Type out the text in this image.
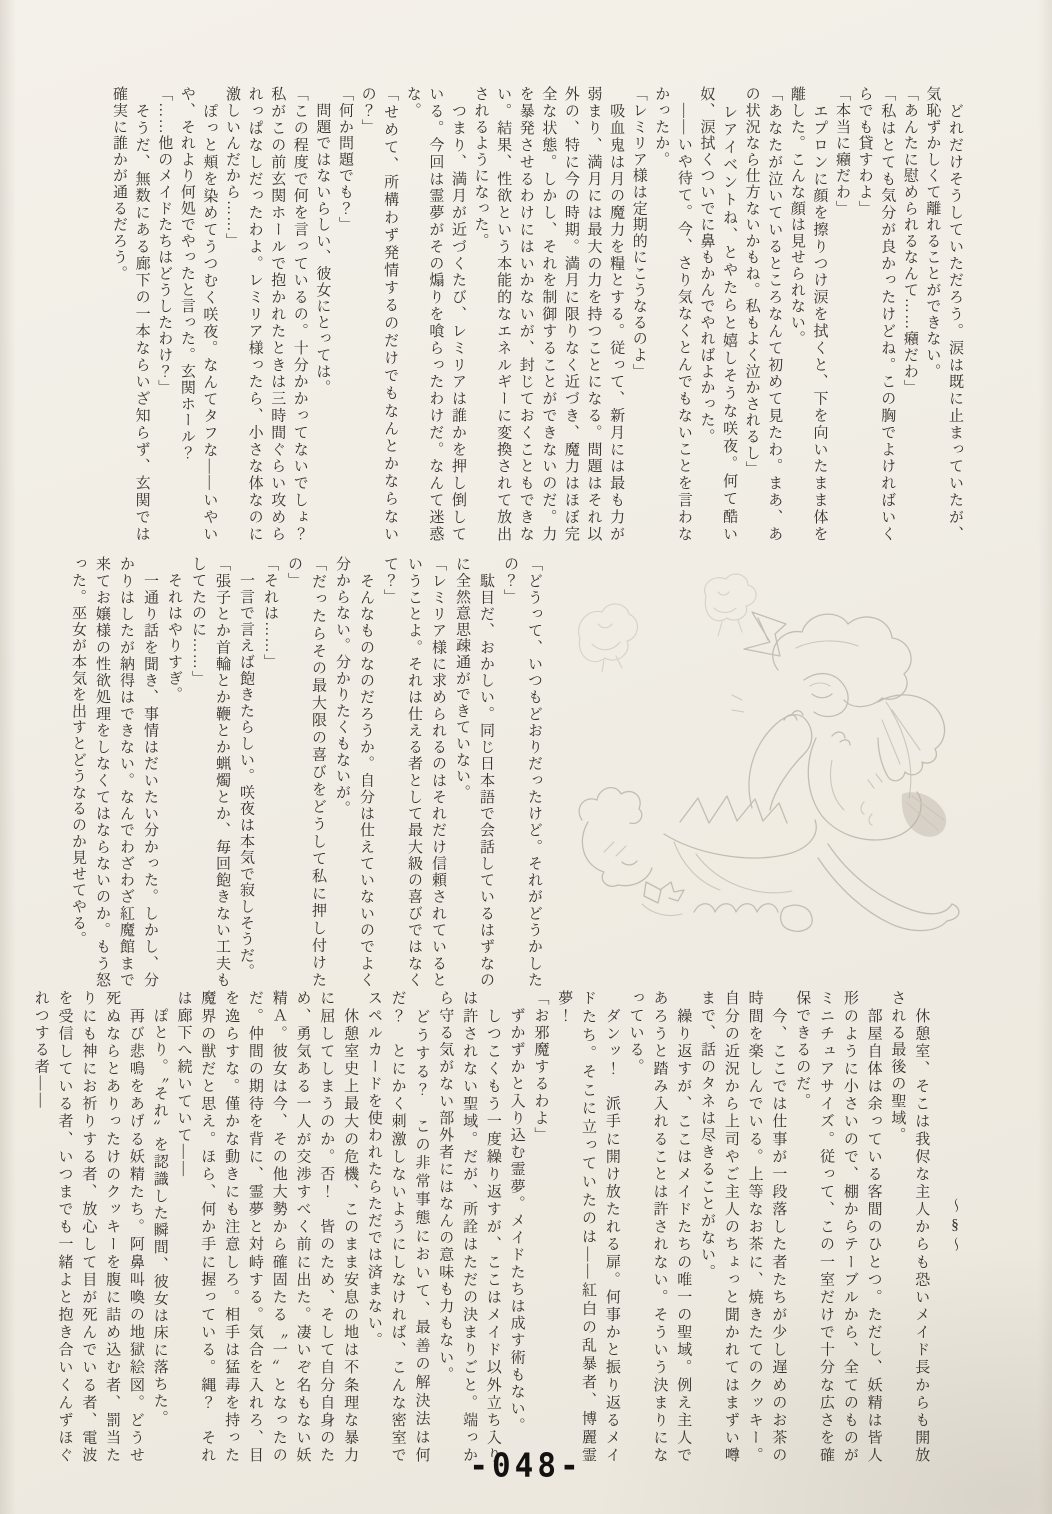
　どれだけそうしていただろう。涙は既に止まっていたが、気恥ずかしくて離れることができない。

「あんたに慰められるなんて……癪だわ」

「私はとても気分が良かったけどね。この胸でよければいくらでも貸すわよ」

「本当に癪だわ」

　エプロンに顔を擦りつけ涙を拭くと、下を向いたまま体を離した。こんな顔は見せられない。

「あなたが泣いているところなんて初めて見たわ。まあ、あの状況なら仕方ないかもね。私もよく泣かされるし」

　レアイベントね、とやたらと嬉しそうな咲夜。何て酷い奴、涙拭くついでに鼻もかんでやればよかった。

　――いや待て。今、さり気なくとんでもないことを言わなかったか。

「レミリア様は定期的にこうなるのよ」

　吸血鬼は月の魔力を糧とする。従って、新月には最も力が弱まり、満月には最大の力を持つことになる。問題はそれ以外の、特に今の時期。満月に限りなく近づき、魔力はほぼ完全な状態。しかし、それを制御することができないのだ。力を暴発させるわけにはいかないが、封じておくこともできない。結果、性欲という本能的なエネルギーに変換されて放出されるようになった。

　つまり、満月が近づくたび、レミリアは誰かを押し倒している。今回は霊夢がその煽りを喰らったわけだ。なんて迷惑な。

「せめて、所構わず発情するのだけでもなんとかならないの？」

「何か問題でも？」

　問題ではないらしい、彼女にとっては。

「この程度で何を言っているの。十分かかってないでしょ？　私がこの前玄関ホールで抱かれたときは三時間ぐらい攻められっぱなしだったわよ。レミリア様ったら、小さな体なのに激しいんだから……」

　ぽっと頬を染めてうつむく咲夜。なんてタフな――いやいや、それより何処でやったと言った。玄関ホール？

「……他のメイドたちはどうしたわけ？」

　そうだ、無数にある廊下の一本ならいざ知らず、玄関では確実に誰かが通るだろう。

「どうって、いつもどおりだったけど。それがどうかしたの？」

　駄目だ、おかしい。同じ日本語で会話しているはずなのに全然意思疎通ができていない。

「レミリア様に求められるのはそれだけ信頼されているということよ。それは仕える者として最大級の喜びではなくて？」

　そんなものなのだろうか。自分は仕えていないのでよく分からない。分かりたくもないが。

「だったらその最大限の喜びをどうして私に押し付けたの」

「それは……」

　一言で言えば飽きたらしい。咲夜は本気で寂しそうだ。

「張子とか首輪とか鞭とか蝋燭とか、毎回飽きない工夫もしてたのに……」

　それはやりすぎ。

　一通り話を聞き、事情はだいたい分かった。しかし、分かりはしたが納得はできない。なんでわざわざ紅魔館まで来てお嬢様の性欲処理をしなくてはならないのか。もう怒った。巫女が本気を出すとどうなるのか見せてやる。

〜§〜

　休憩室、そこは我侭な主人からも恐いメイド長からも開放される最後の聖域。

　部屋自体は余っている客間のひとつ。ただし、妖精は皆人形のように小さいので、棚からテーブルから、全てのものがミニチュアサイズ。従って、この一室だけで十分な広さを確保できるのだ。

　今、ここでは仕事が一段落した者たちが少し遅めのお茶の時間を楽しんでいる。上等なお茶に、焼きたてのクッキー。自分の近況から上司やご主人のちょっと聞かれてはまずい噂まで、話のタネは尽きることがない。

　繰り返すが、ここはメイドたちの唯一の聖域。例え主人であろうと踏み入れることは許されない。そういう決まりになっている。

　ダンッ！　派手に開け放たれる扉。何事かと振り返るメイドたち。そこに立っていたのは――紅白の乱暴者、博麗霊夢！

「お邪魔するわよ」

　ずかずかと入り込む霊夢。メイドたちは成す術もない。

　しつこくもう一度繰り返すが、ここはメイド以外立ち入りは許されない聖域。だが、所詮はただの決まりごと。端っから守る気がない部外者にはなんの意味も力もない。

　どうする？　この非常事態において、最善の解決法は何だ？　とにかく刺激しないようにしなければ、こんな密室でスペルカードを使われたらただでは済まない。

　休憩室史上最大の危機、このまま安息の地は不条理な暴力に屈してしまうのか。否！　皆のため、そして自分自身のため、勇気ある一人が交渉すべく前に出た。凄いぞ名もない妖精Ａ。彼女は今、その他大勢から確固たる〝一〟となったのだ。仲間の期待を背に、霊夢と対峙する。気合を入れろ、目を逸らすな。僅かな動きにも注意しろ。相手は猛毒を持った魔界の獣だと思え。ほら、何か手に握っている。縄？　それは廊下へ続いていて――

　ぽとり。〝それ〟を認識した瞬間、彼女は床に落ちた。

　再び悲鳴をあげる妖精たち。阿鼻叫喚の地獄絵図。どうせ死ぬならとありったけのクッキーを腹に詰め込む者、罰当たりにも神にお祈りする者、放心して目が死んでいる者、電波を受信している者、いつまでも一緒よと抱き合いくんずほぐれつする者――

-048-
